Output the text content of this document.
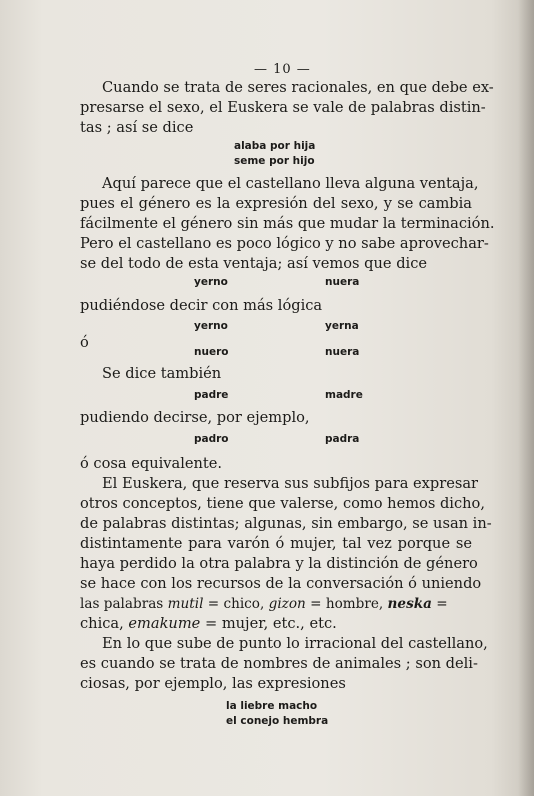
— 10 —
Cuando se trata de seres racionales, en que debe ex-
presarse el sexo, el Euskera se vale de palabras distin-
tas ; así se dice
alaba por hija
seme por hijo
Aquí parece que el castellano lleva alguna ventaja,
pues el género es la expresión del sexo, y se cambia
fácilmente el género sin más que mudar la terminación.
Pero el castellano es poco lógico y no sabe aprovechar-
se del todo de esta ventaja; así vemos que dice
yerno	nuera
pudiéndose decir con más lógica
yerno	yerna
ó
nuero	nuera
Se dice también
padre	madre
pudiendo decirse, por ejemplo,
padro	padra
ó cosa equivalente.
El Euskera, que reserva sus subfijos para expresar
otros conceptos, tiene que valerse, como hemos dicho,
de palabras distintas; algunas, sin embargo, se usan in-
distintamente para varón ó mujer, tal vez porque se
haya perdido la otra palabra y la distinción de género
se hace con los recursos de la conversación ó uniendo
las palabras mutil = chico, gizon = hombre, neska =
chica, emakume = mujer, etc., etc.
En lo que sube de punto lo irracional del castellano,
es cuando se trata de nombres de animales ; son deli-
ciosas, por ejemplo, las expresiones
la liebre macho
el conejo hembra
